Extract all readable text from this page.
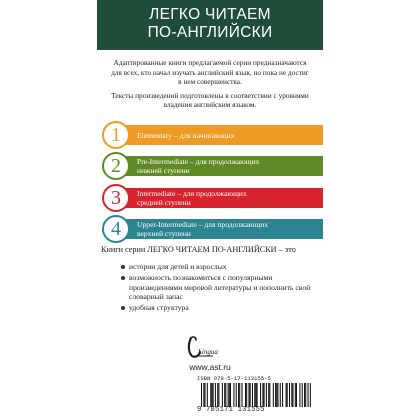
ЛЕГКО ЧИТАЕМ
ПО-АНГЛИЙСКИ

Адаптированные книги предлагаемой серии предназначаются для всех, кто начал изучать английский язык, но пока не достиг в нем совершенства.

Тексты произведений подготовлены в соответствии с уровнями владения английским языком.

1	Elementary – для начинающих
2	Pre-Intermediate – для продолжающих
нижней ступени
3	Intermediate – для продолжающих
средней ступени
4	Upper-Intermediate – для продолжающих
верхней ступени
Книги серии ЛЕГКО ЧИТАЕМ ПО-АНГЛИЙСКИ – это
истории для детей и взрослых
возможность познакомиться с популярными произведениями мировой литературы и пополнить свой словарный запас
удобная структура
Lingua
www.ast.ru
ISBN 978-5-17-113155-5
9 785171 131555
